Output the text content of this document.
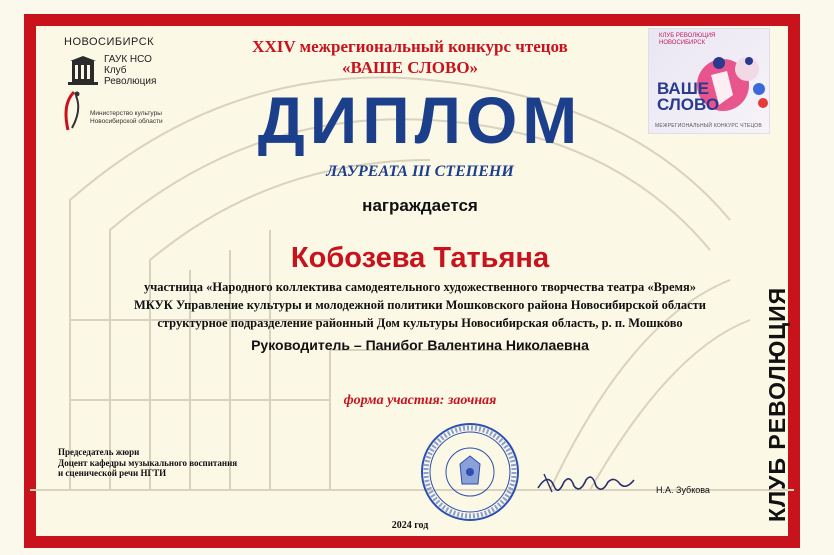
НОВОСИБИРСК
ГАУК НСО
Клуб
Революция
Министерство культуры
Новосибирской области
КЛУБ РЕВОЛЮЦИЯ
НОВОСИБИРСК
ВАШЕ
СЛОВО
МЕЖРЕГИОНАЛЬНЫЙ КОНКУРС ЧТЕЦОВ
XXIV межрегиональный конкурс чтецов
«ВАШЕ СЛОВО»
ДИПЛОМ
ЛАУРЕАТА III СТЕПЕНИ
награждается
Кобозева Татьяна
участница «Народного коллектива самодеятельного художественного творчества театра «Время»
МКУК Управление культуры и молодежной политики Мошковского района Новосибирской области
структурное подразделение районный Дом культуры Новосибирская область, р. п. Мошково
Руководитель – Панибог Валентина Николаевна
форма участия: заочная
Председатель жюри
Доцент кафедры музыкального воспитания
и сценической речи НГТИ
Н.А. Зубкова
2024 год
КЛУБ РЕВОЛЮЦИЯ
